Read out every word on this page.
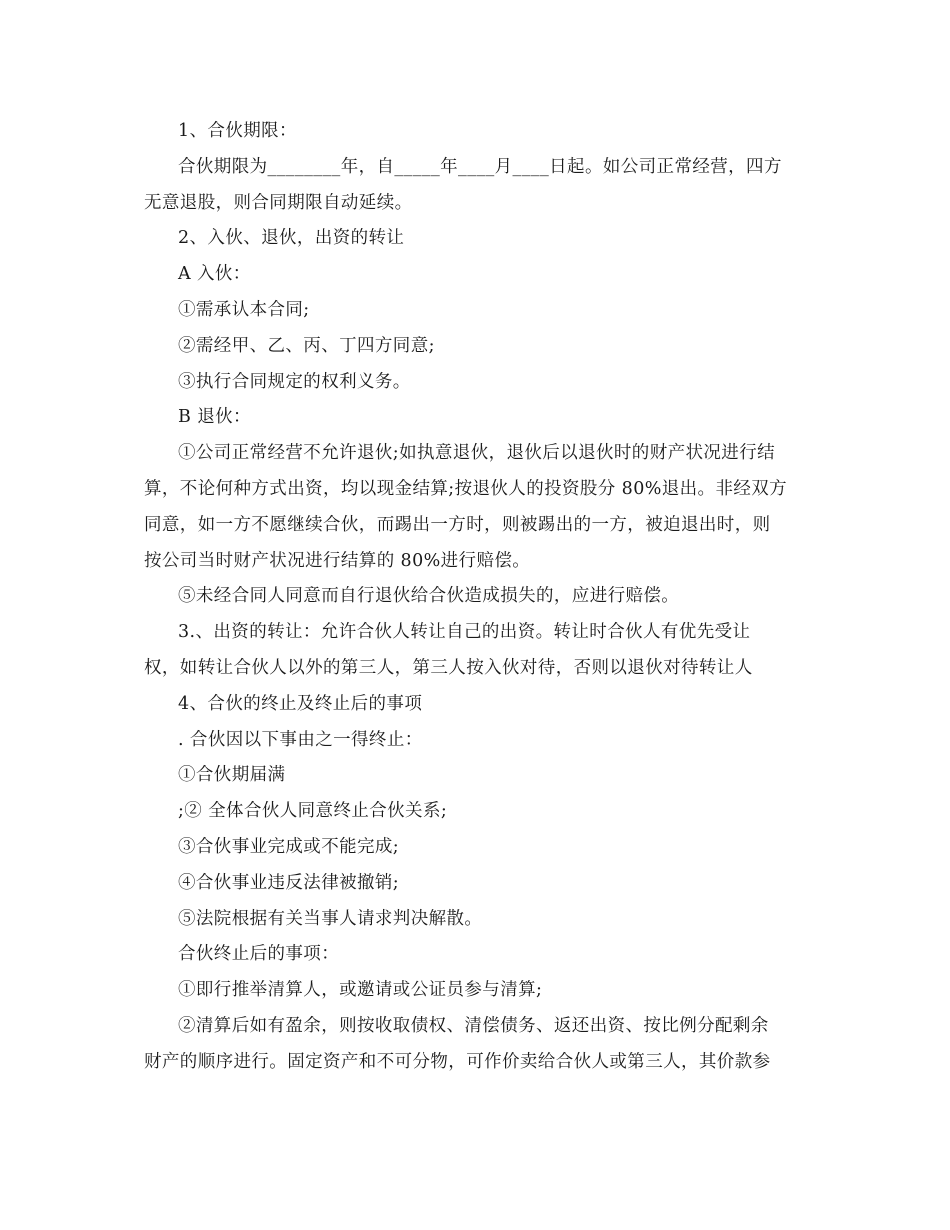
1、合伙期限：

合伙期限为________年，自_____年____月____日起。如公司正常经营，四方

无意退股，则合同期限自动延续。

2、入伙、退伙，出资的转让

A 入伙：

①需承认本合同;

②需经甲、乙、丙、丁四方同意;

③执行合同规定的权利义务。

B 退伙：

①公司正常经营不允许退伙;如执意退伙，退伙后以退伙时的财产状况进行结

算，不论何种方式出资，均以现金结算;按退伙人的投资股分 80%退出。非经双方

同意，如一方不愿继续合伙，而踢出一方时，则被踢出的一方，被迫退出时，则

按公司当时财产状况进行结算的 80%进行赔偿。

⑤未经合同人同意而自行退伙给合伙造成损失的，应进行赔偿。

3.、出资的转让：允许合伙人转让自己的出资。转让时合伙人有优先受让

权，如转让合伙人以外的第三人，第三人按入伙对待，否则以退伙对待转让人

4、合伙的终止及终止后的事项

. 合伙因以下事由之一得终止：

①合伙期届满

;② 全体合伙人同意终止合伙关系;

③合伙事业完成或不能完成;

④合伙事业违反法律被撤销;

⑤法院根据有关当事人请求判决解散。

合伙终止后的事项：

①即行推举清算人，或邀请或公证员参与清算;

②清算后如有盈余，则按收取债权、清偿债务、返还出资、按比例分配剩余

财产的顺序进行。固定资产和不可分物，可作价卖给合伙人或第三人，其价款参
